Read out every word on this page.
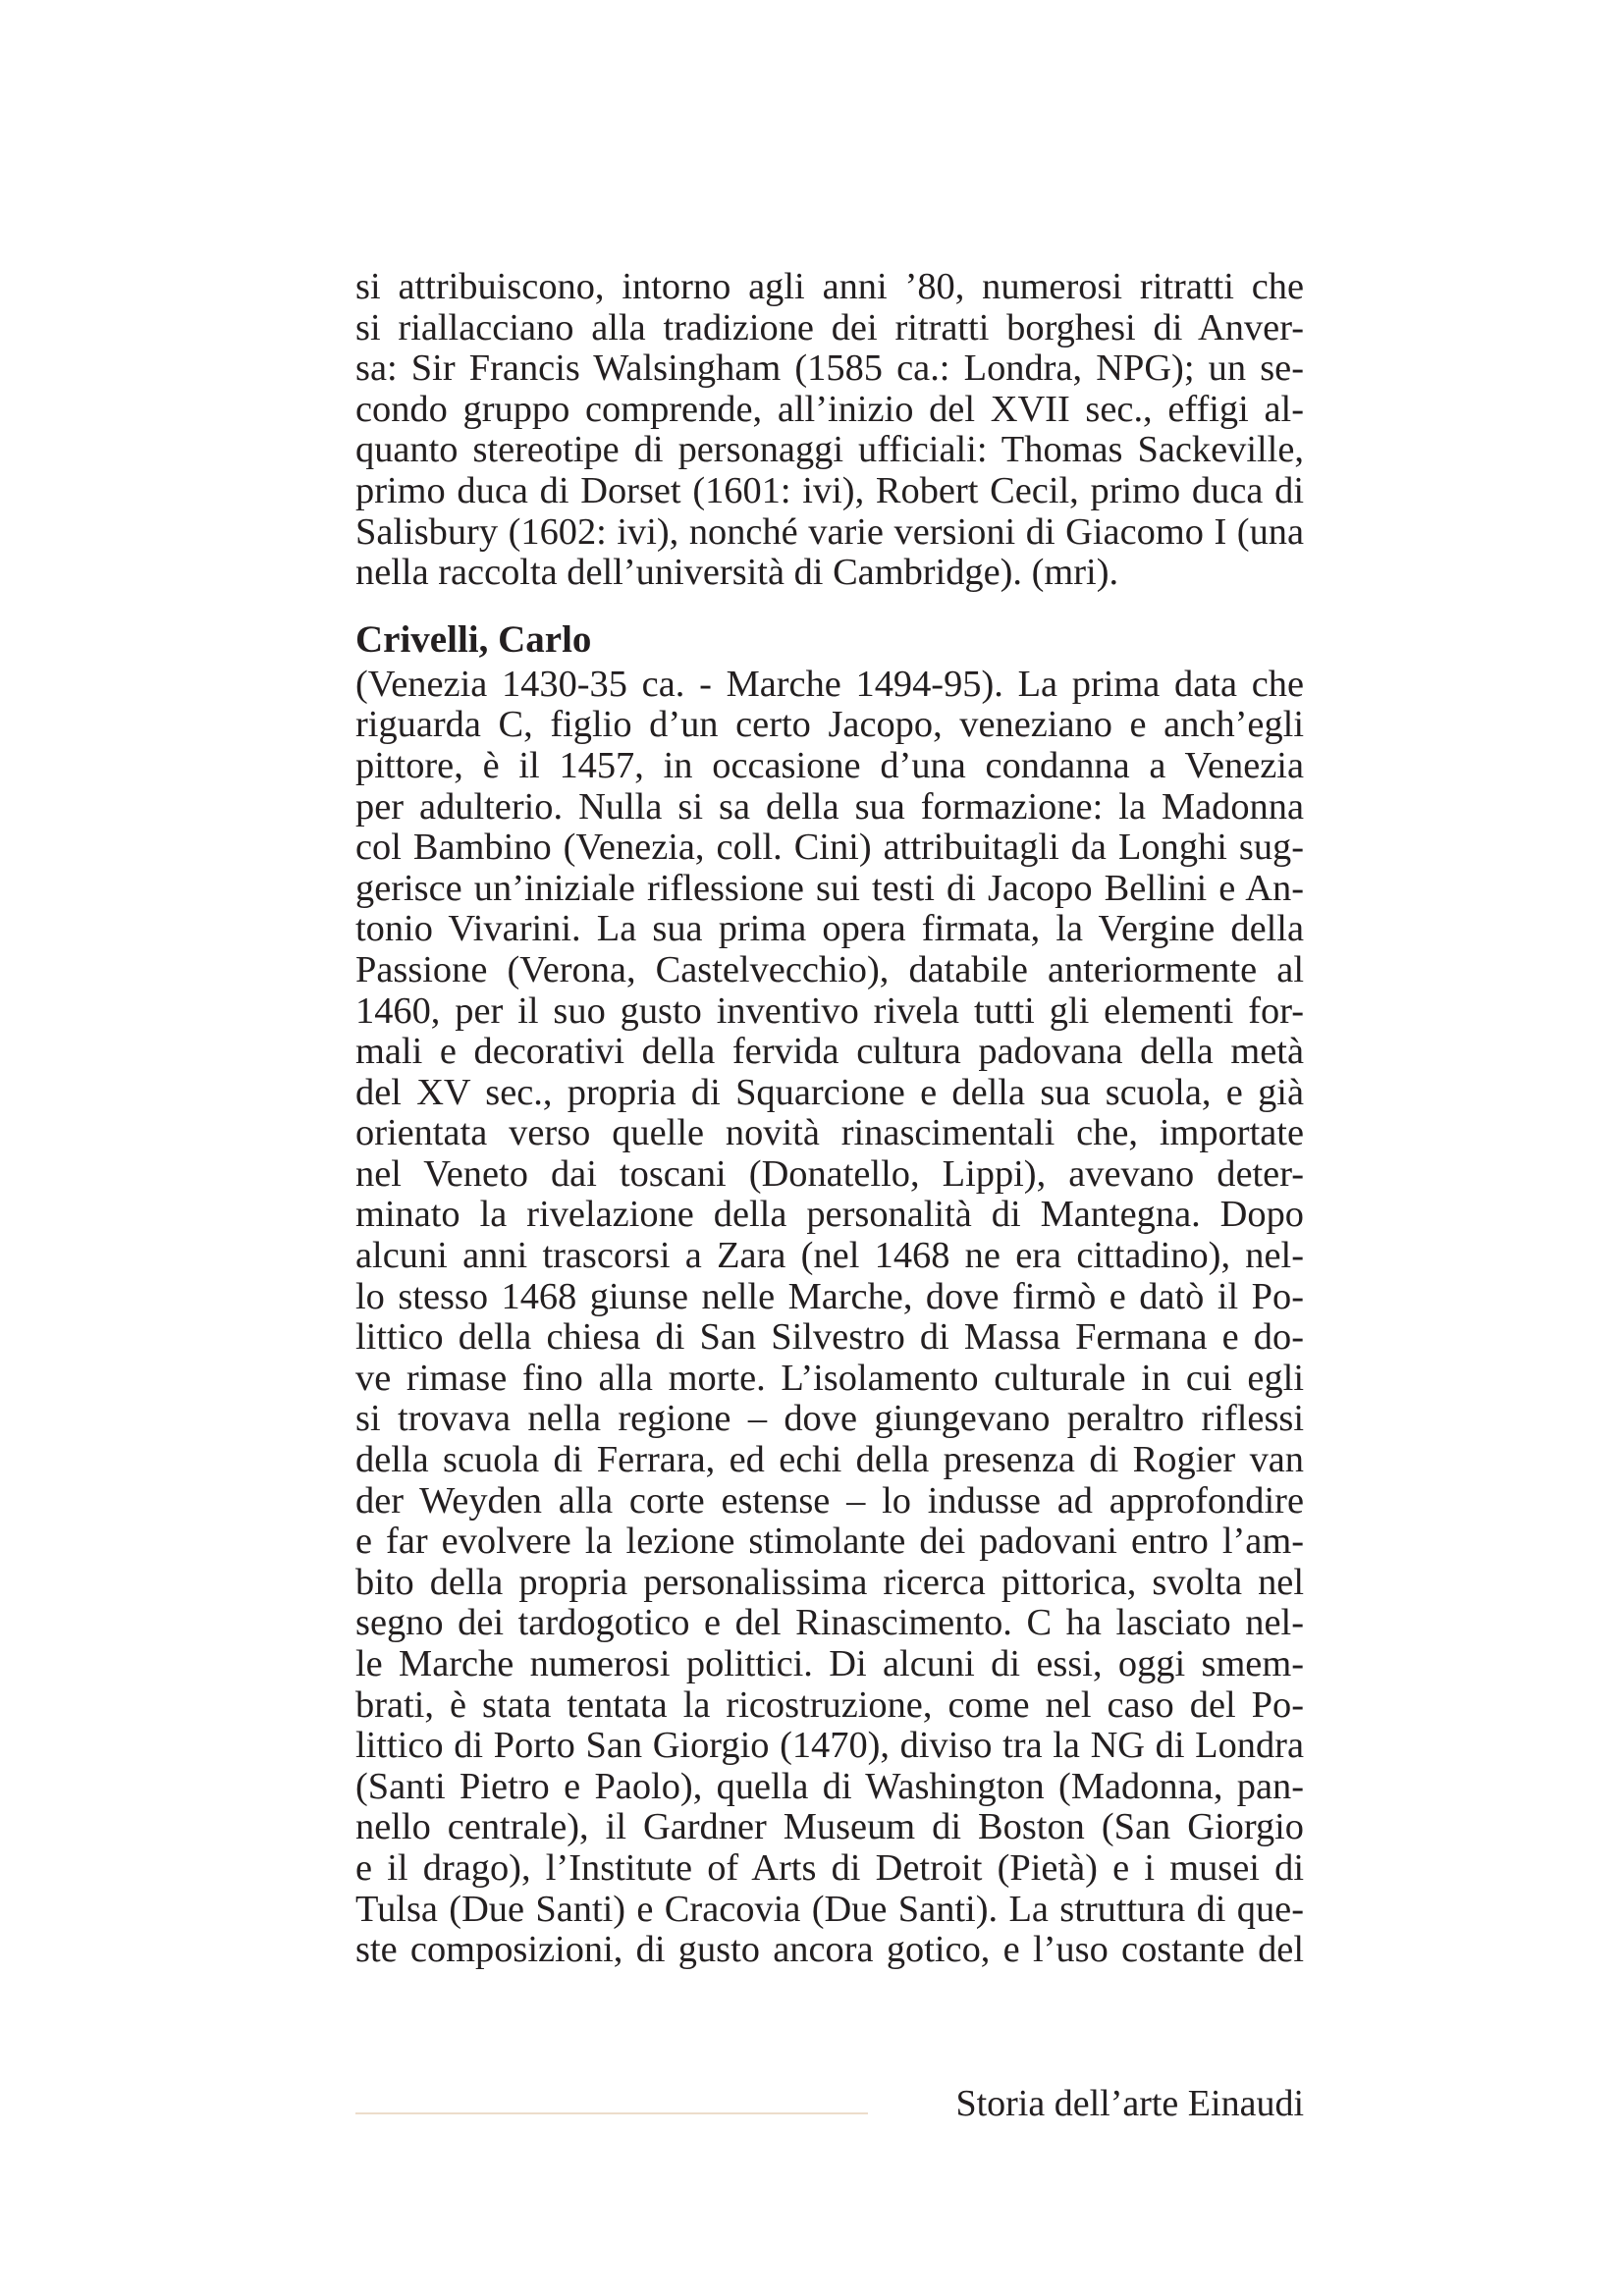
si attribuiscono, intorno agli anni ’80, numerosi ritratti che
si riallacciano alla tradizione dei ritratti borghesi di Anver-
sa: Sir Francis Walsingham (1585 ca.: Londra, NPG); un se-
condo gruppo comprende, all’inizio del XVII sec., effigi al-
quanto stereotipe di personaggi ufficiali: Thomas Sackeville,
primo duca di Dorset (1601: ivi), Robert Cecil, primo duca di
Salisbury (1602: ivi), nonché varie versioni di Giacomo I (una
nella raccolta dell’università di Cambridge). (mri).
Crivelli, Carlo
(Venezia 1430-35 ca. - Marche 1494-95). La prima data che
riguarda C, figlio d’un certo Jacopo, veneziano e anch’egli
pittore, è il 1457, in occasione d’una condanna a Venezia
per adulterio. Nulla si sa della sua formazione: la Madonna
col Bambino (Venezia, coll. Cini) attribuitagli da Longhi sug-
gerisce un’iniziale riflessione sui testi di Jacopo Bellini e An-
tonio Vivarini. La sua prima opera firmata, la Vergine della
Passione (Verona, Castelvecchio), databile anteriormente al
1460, per il suo gusto inventivo rivela tutti gli elementi for-
mali e decorativi della fervida cultura padovana della metà
del XV sec., propria di Squarcione e della sua scuola, e già
orientata verso quelle novità rinascimentali che, importate
nel Veneto dai toscani (Donatello, Lippi), avevano deter-
minato la rivelazione della personalità di Mantegna. Dopo
alcuni anni trascorsi a Zara (nel 1468 ne era cittadino), nel-
lo stesso 1468 giunse nelle Marche, dove firmò e datò il Po-
littico della chiesa di San Silvestro di Massa Fermana e do-
ve rimase fino alla morte. L’isolamento culturale in cui egli
si trovava nella regione – dove giungevano peraltro riflessi
della scuola di Ferrara, ed echi della presenza di Rogier van
der Weyden alla corte estense – lo indusse ad approfondire
e far evolvere la lezione stimolante dei padovani entro l’am-
bito della propria personalissima ricerca pittorica, svolta nel
segno dei tardogotico e del Rinascimento. C ha lasciato nel-
le Marche numerosi polittici. Di alcuni di essi, oggi smem-
brati, è stata tentata la ricostruzione, come nel caso del Po-
littico di Porto San Giorgio (1470), diviso tra la NG di Londra
(Santi Pietro e Paolo), quella di Washington (Madonna, pan-
nello centrale), il Gardner Museum di Boston (San Giorgio
e il drago), l’Institute of Arts di Detroit (Pietà) e i musei di
Tulsa (Due Santi) e Cracovia (Due Santi). La struttura di que-
ste composizioni, di gusto ancora gotico, e l’uso costante del
Storia dell’arte Einaudi
